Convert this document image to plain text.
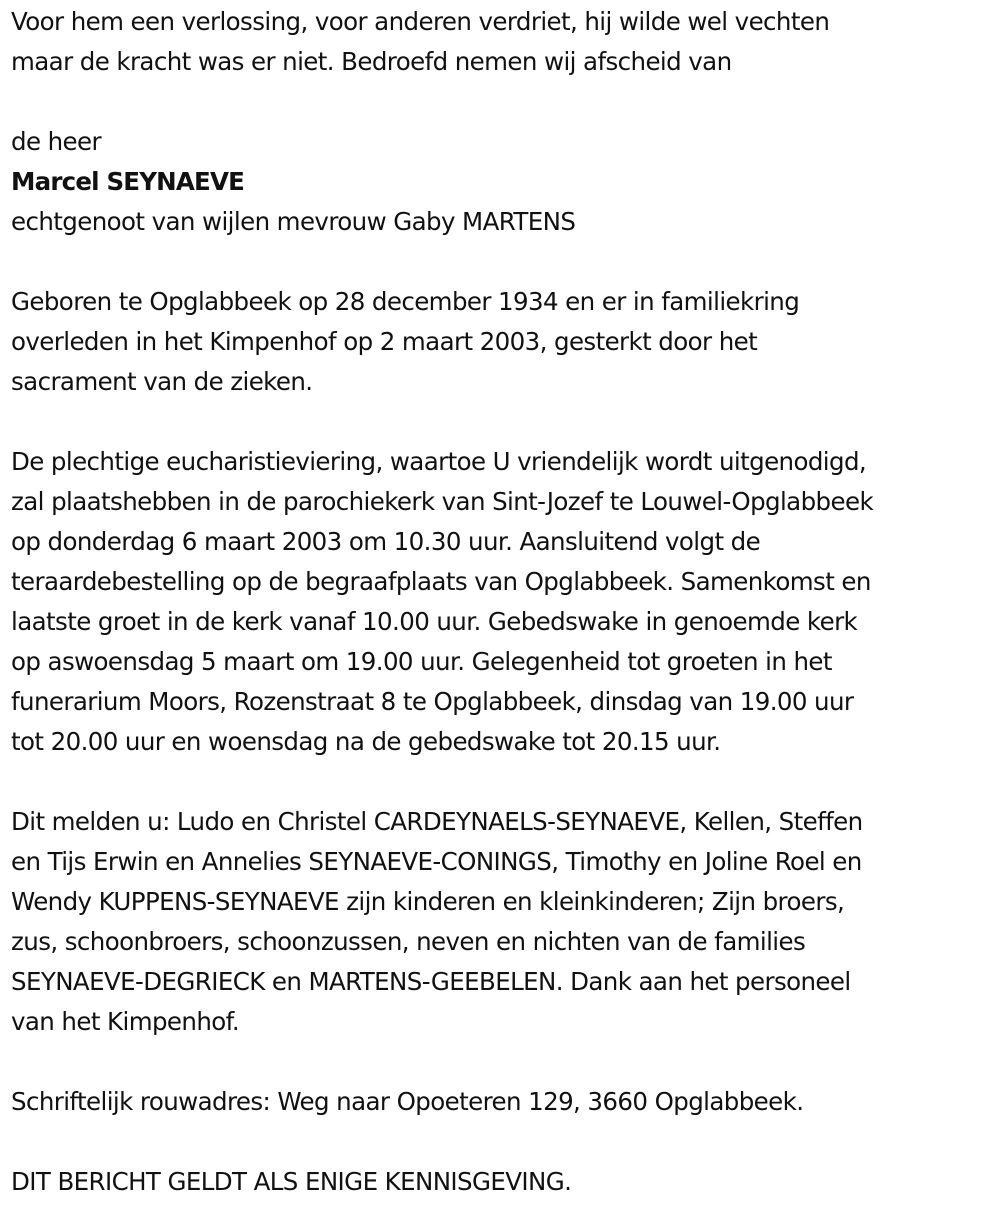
Voor hem een verlossing, voor anderen verdriet, hij wilde wel vechten
maar de kracht was er niet. Bedroefd nemen wij afscheid van
de heer
Marcel SEYNAEVE
echtgenoot van wijlen mevrouw Gaby MARTENS
Geboren te Opglabbeek op 28 december 1934 en er in familiekring
overleden in het Kimpenhof op 2 maart 2003, gesterkt door het
sacrament van de zieken.
De plechtige eucharistieviering, waartoe U vriendelijk wordt uitgenodigd,
zal plaatshebben in de parochiekerk van Sint-Jozef te Louwel-Opglabbeek
op donderdag 6 maart 2003 om 10.30 uur. Aansluitend volgt de
teraardebestelling op de begraafplaats van Opglabbeek. Samenkomst en
laatste groet in de kerk vanaf 10.00 uur. Gebedswake in genoemde kerk
op aswoensdag 5 maart om 19.00 uur. Gelegenheid tot groeten in het
funerarium Moors, Rozenstraat 8 te Opglabbeek, dinsdag van 19.00 uur
tot 20.00 uur en woensdag na de gebedswake tot 20.15 uur.
Dit melden u: Ludo en Christel CARDEYNAELS-SEYNAEVE, Kellen, Steffen
en Tijs Erwin en Annelies SEYNAEVE-CONINGS, Timothy en Joline Roel en
Wendy KUPPENS-SEYNAEVE zijn kinderen en kleinkinderen; Zijn broers,
zus, schoonbroers, schoonzussen, neven en nichten van de families
SEYNAEVE-DEGRIECK en MARTENS-GEEBELEN. Dank aan het personeel
van het Kimpenhof.
Schriftelijk rouwadres: Weg naar Opoeteren 129, 3660 Opglabbeek.
DIT BERICHT GELDT ALS ENIGE KENNISGEVING.
